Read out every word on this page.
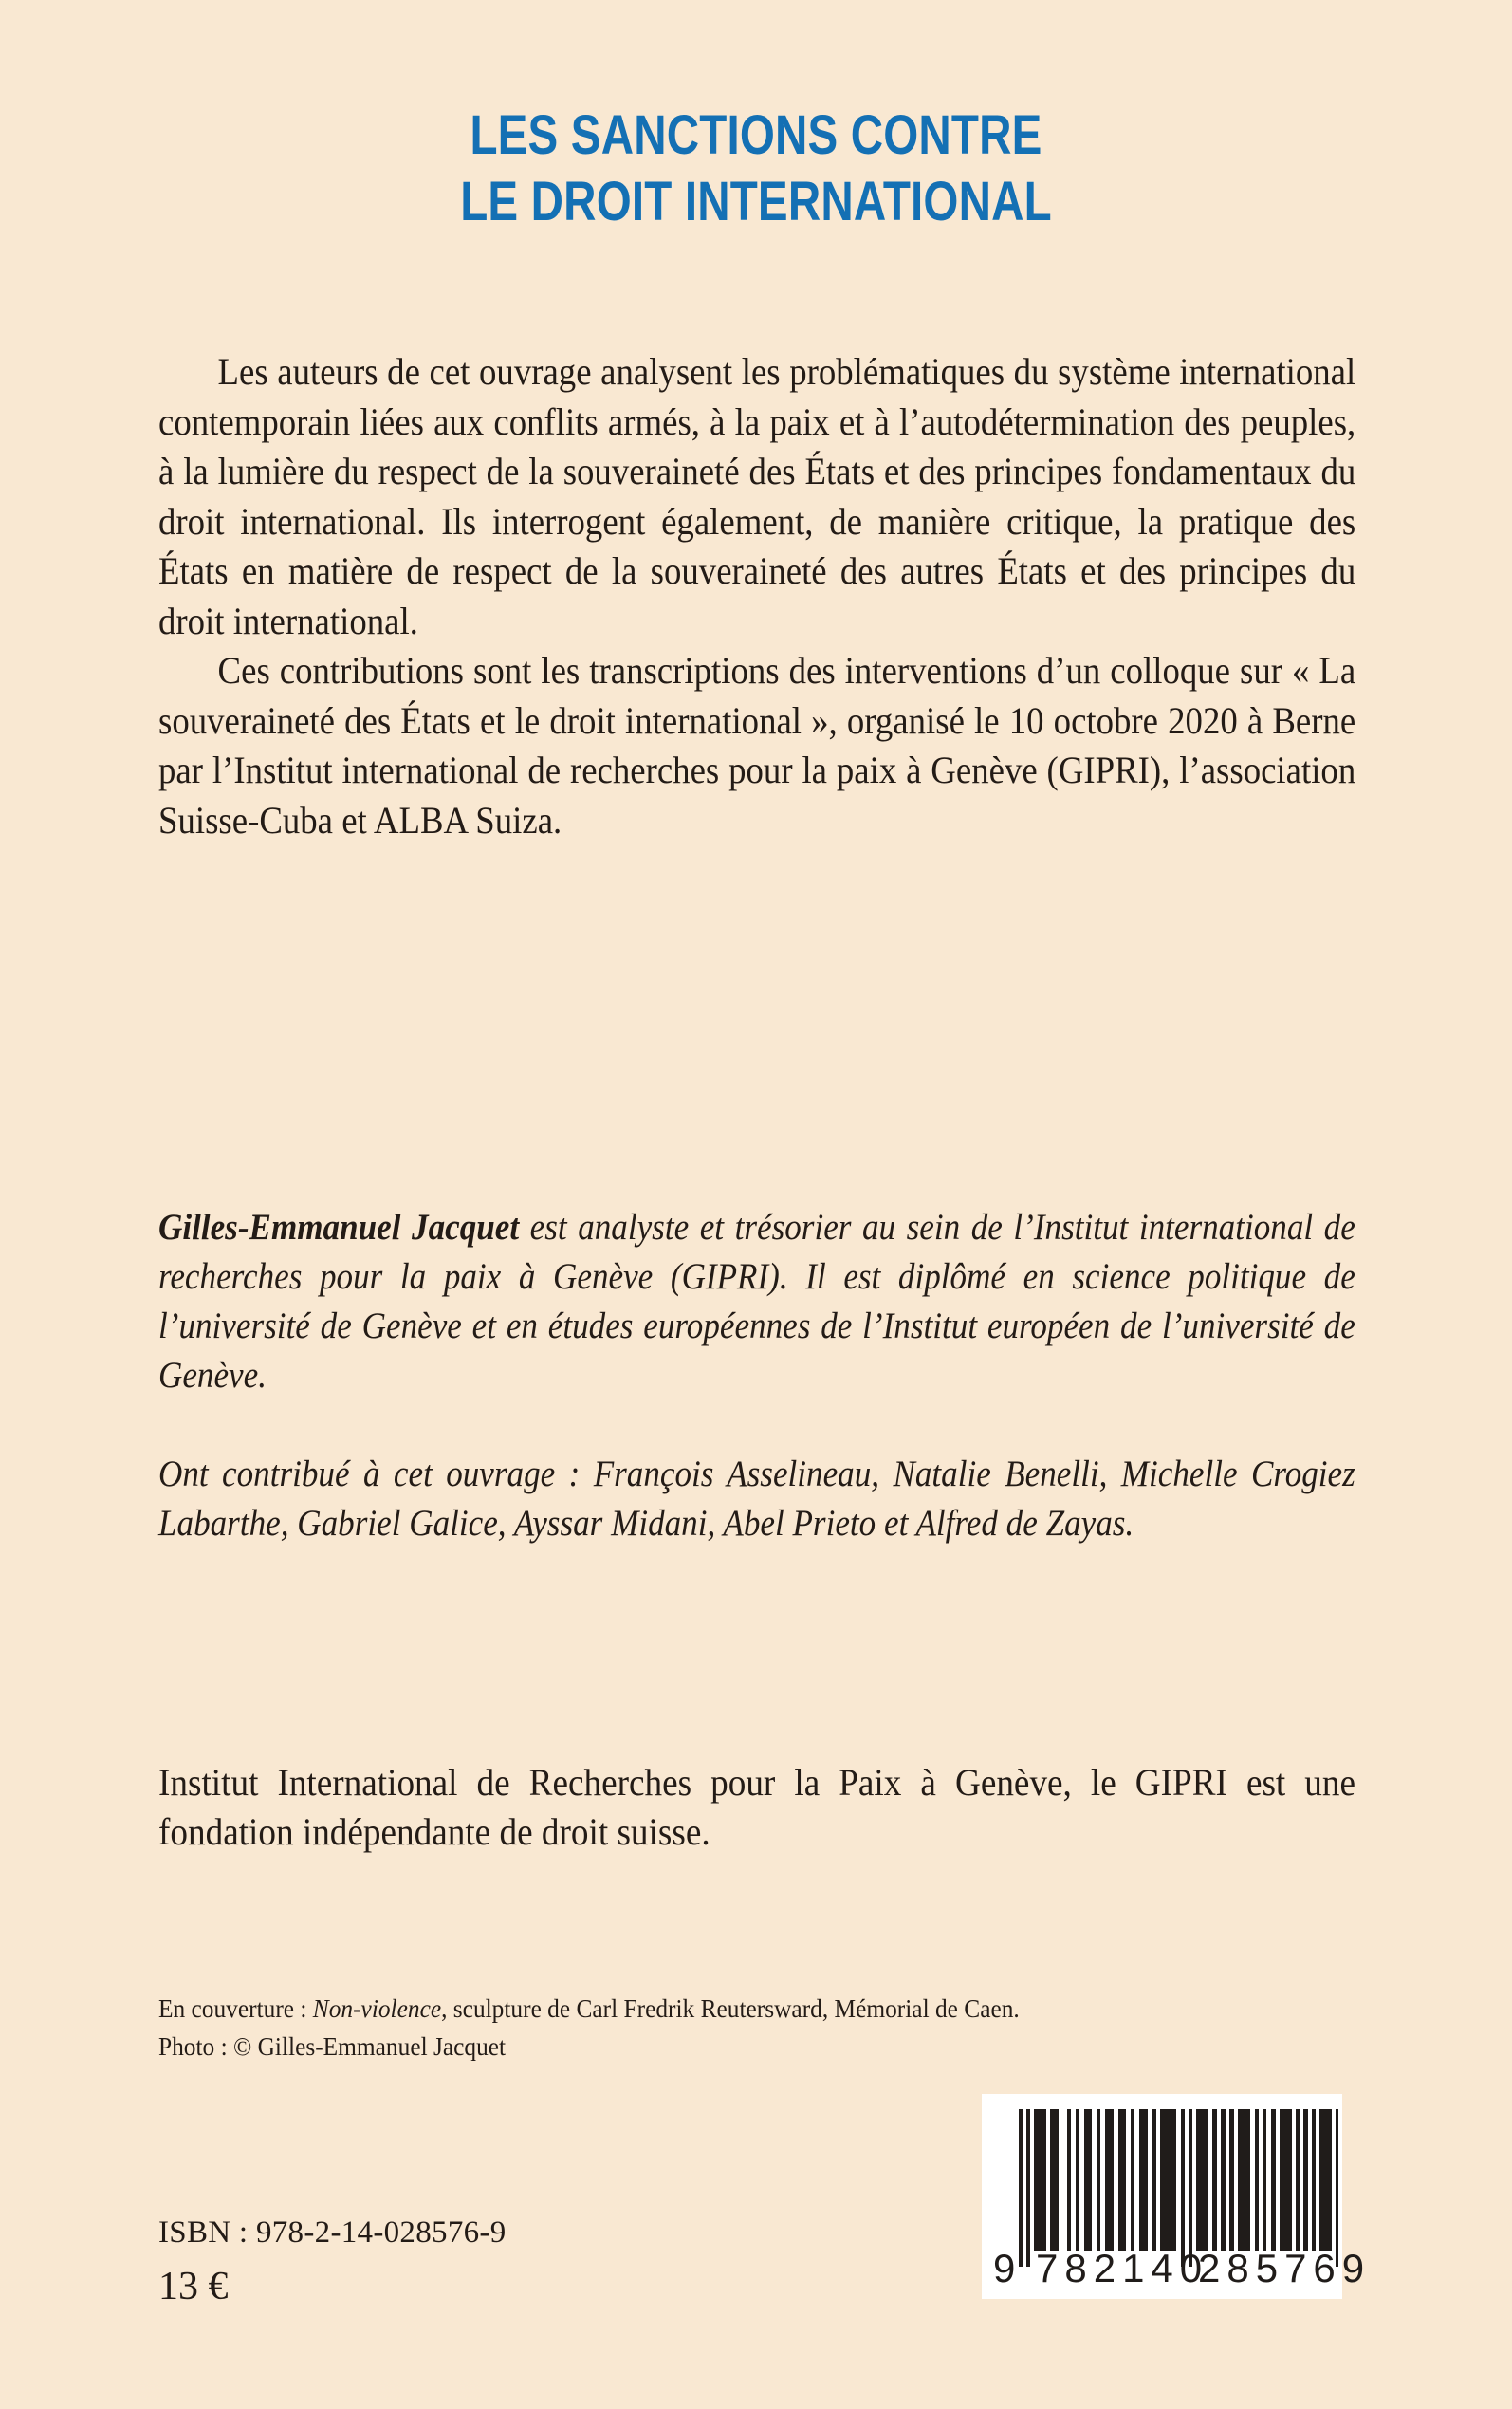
LES SANCTIONS CONTRE
LE DROIT INTERNATIONAL

Les auteurs de cet ouvrage analysent les problématiques du système international contemporain liées aux conflits armés, à la paix et à l’autodétermination des peuples, à la lumière du respect de la souveraineté des États et des principes fondamentaux du droit international. Ils interrogent également, de manière critique, la pratique des États en matière de respect de la souveraineté des autres États et des principes du droit international.

Ces contributions sont les transcriptions des interventions d’un colloque sur « La souveraineté des États et le droit international », organisé le 10 octobre 2020 à Berne par l’Institut international de recherches pour la paix à Genève (GIPRI), l’association Suisse-Cuba et ALBA Suiza.

Gilles-Emmanuel Jacquet est analyste et trésorier au sein de l’Institut international de recherches pour la paix à Genève (GIPRI). Il est diplômé en science politique de l’université de Genève et en études européennes de l’Institut européen de l’université de Genève.

Ont contribué à cet ouvrage : François Asselineau, Natalie Benelli, Michelle Crogiez Labarthe, Gabriel Galice, Ayssar Midani, Abel Prieto et Alfred de Zayas.

Institut International de Recherches pour la Paix à Genève, le GIPRI est une fondation indépendante de droit suisse.

En couverture : Non-violence, sculpture de Carl Fredrik Reutersward, Mémorial de Caen.

Photo : © Gilles-Emmanuel Jacquet

ISBN : 978-2-14-028576-9
13 €	9 782140
285769
